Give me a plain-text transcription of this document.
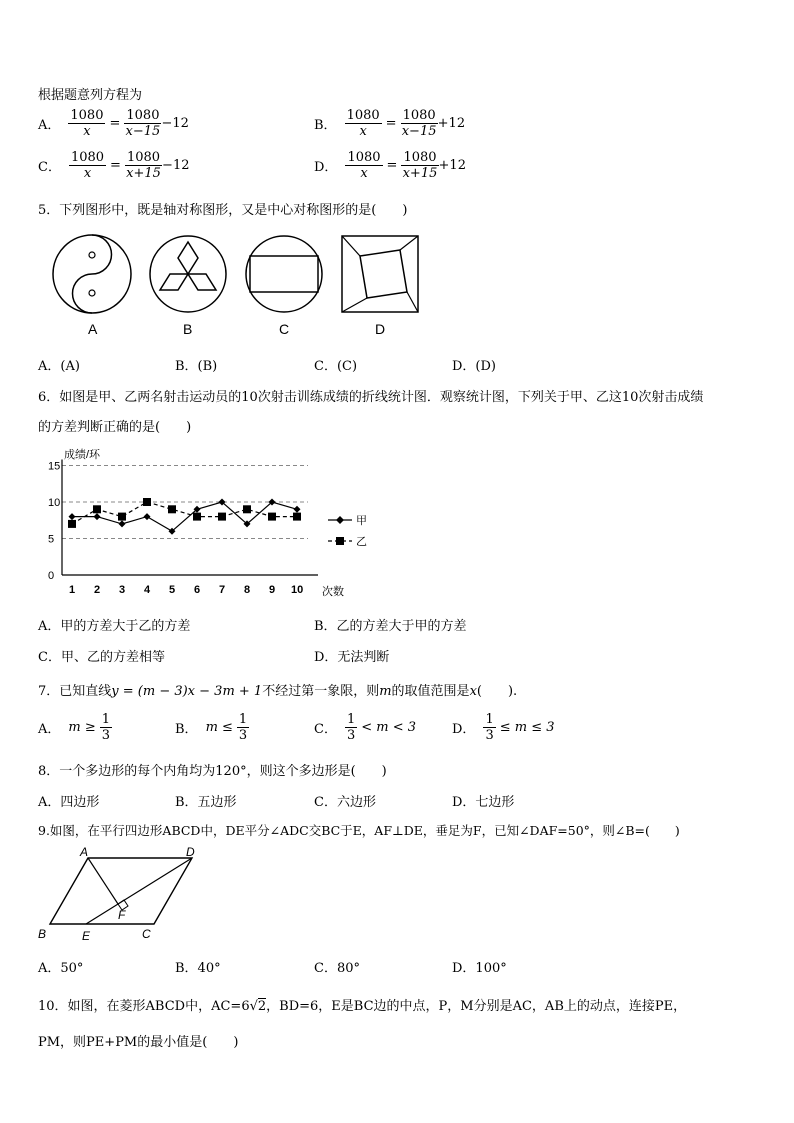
根据题意列方程为
A． $\frac{1080}{x} = \frac{1080}{x-15} -12$	B． $\frac{1080}{x} = \frac{1080}{x-15} +12$
C． $\frac{1080}{x} = \frac{1080}{x+15} -12$	D． $\frac{1080}{x} = \frac{1080}{x+15} +12$
5．下列图形中，既是轴对称图形，又是中心对称图形的是(　　)
A	B	C	D
A．(A)	B．(B)	C．(C)	D．(D)
6．如图是甲、乙两名射击运动员的10次射击训练成绩的折线统计图．观察统计图，下列关于甲、乙这10次射击成绩
的方差判断正确的是(　　)
0
5
10
15
1 2 3 4 5 6 7 8 9 10
成绩/环
次数
甲
乙
A．甲的方差大于乙的方差	B．乙的方差大于甲的方差
C．甲、乙的方差相等	D．无法判断
7．已知直线y = (m − 3)x − 3m + 1不经过第一象限，则m的取值范围是x(　　).
A． $m \ge \frac{1}{3}$	B． $m \le \frac{1}{3}$	C． $\frac{1}{3} < m < 3$	D． $\frac{1}{3} \le m \le 3$
8．一个多边形的每个内角均为120°，则这个多边形是(　　)
A．四边形	B．五边形	C．六边形	D．七边形
9.如图，在平行四边形ABCD中，DE平分∠ADC交BC于E，AF⊥DE，垂足为F，已知∠DAF=50°，则∠B=(　　)
A	D
F
B	E	C
A．50°	B．40°	C．80°	D．100°
10．如图，在菱形ABCD中，AC=6√2，BD=6，E是BC边的中点，P，M分别是AC，AB上的动点，连接PE，
PM，则PE+PM的最小值是(　　)
